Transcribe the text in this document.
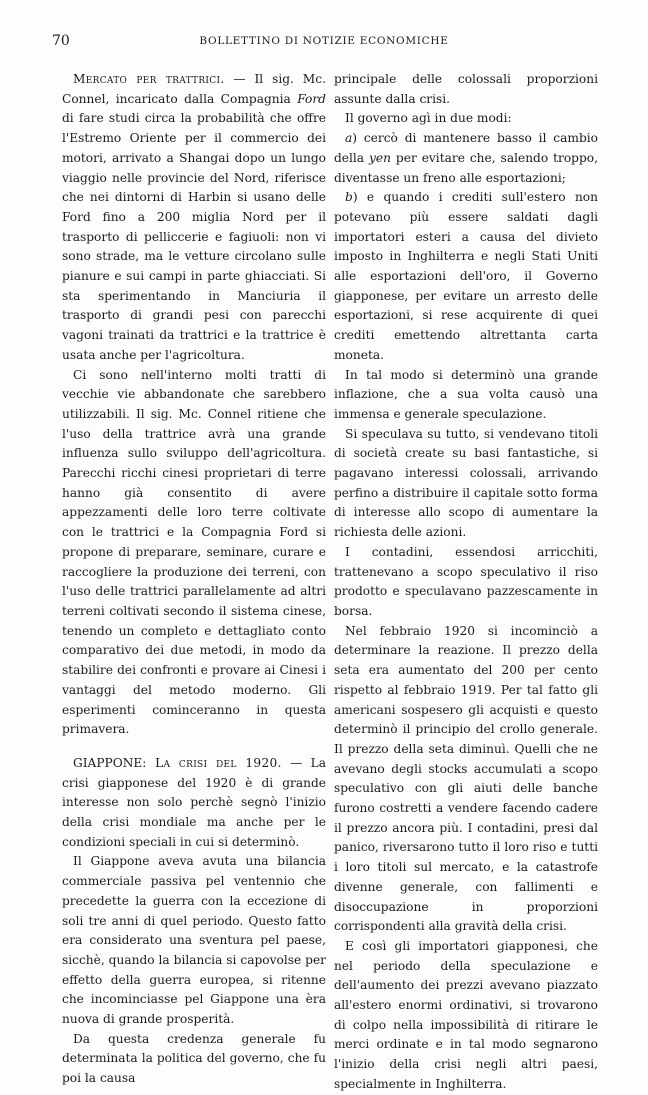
70	BOLLETTINO DI NOTIZIE ECONOMICHE

Mercato per trattrici. — Il sig. Mc. Connel, incaricato dalla Compagnia Ford di fare studi circa la probabilità che offre l'Estremo Oriente per il commercio dei motori, arrivato a Shangai dopo un lungo viaggio nelle provincie del Nord, riferisce che nei dintorni di Harbin si usano delle Ford fino a 200 miglia Nord per il trasporto di pelliccerie e fagiuoli: non vi sono strade, ma le vetture circolano sulle pianure e sui campi in parte ghiacciati. Si sta sperimentando in Manciuria il trasporto di grandi pesi con parecchi vagoni trainati da trattrici e la trattrice è usata anche per l'agricoltura.

Ci sono nell'interno molti tratti di vecchie vie abbandonate che sarebbero utilizzabili. Il sig. Mc. Connel ritiene che l'uso della trattrice avrà una grande influenza sullo sviluppo dell'agricoltura. Parecchi ricchi cinesi proprietari di terre hanno già consentito di avere appezzamenti delle loro terre coltivate con le trattrici e la Compagnia Ford si propone di preparare, seminare, curare e raccogliere la produzione dei terreni, con l'uso delle trattrici parallelamente ad altri terreni coltivati secondo il sistema cinese, tenendo un completo e dettagliato conto comparativo dei due metodi, in modo da stabilire dei confronti e provare ai Cinesi i vantaggi del metodo moderno. Gli esperimenti cominceranno in questa primavera.

GIAPPONE: La crisi del 1920. — La crisi giapponese del 1920 è di grande interesse non solo perchè segnò l'inizio della crisi mondiale ma anche per le condizioni speciali in cui si determinò.

Il Giappone aveva avuta una bilancia commerciale passiva pel ventennio che precedette la guerra con la eccezione di soli tre anni di quel periodo. Questo fatto era considerato una sventura pel paese, sicchè, quando la bilancia si capovolse per effetto della guerra europea, si ritenne che incominciasse pel Giappone una èra nuova di grande prosperità.

Da questa credenza generale fu determinata la politica del governo, che fu poi la causa

principale delle colossali proporzioni assunte dalla crisi.

Il governo agì in due modi:

a) cercò di mantenere basso il cambio della yen per evitare che, salendo troppo, diventasse un freno alle esportazioni;

b) e quando i crediti sull'estero non potevano più essere saldati dagli importatori esteri a causa del divieto imposto in Inghilterra e negli Stati Uniti alle esportazioni dell'oro, il Governo giapponese, per evitare un arresto delle esportazioni, si rese acquirente di quei crediti emettendo altrettanta carta moneta.

In tal modo si determinò una grande inflazione, che a sua volta causò una immensa e generale speculazione.

Si speculava su tutto, si vendevano titoli di società create su basi fantastiche, si pagavano interessi colossali, arrivando perfino a distribuire il capitale sotto forma di interesse allo scopo di aumentare la richiesta delle azioni.

I contadini, essendosi arricchiti, trattenevano a scopo speculativo il riso prodotto e speculavano pazzescamente in borsa.

Nel febbraio 1920 si incominciò a determinare la reazione. Il prezzo della seta era aumentato del 200 per cento rispetto al febbraio 1919. Per tal fatto gli americani sospesero gli acquisti e questo determinò il principio del crollo generale. Il prezzo della seta diminuì. Quelli che ne avevano degli stocks accumulati a scopo speculativo con gli aiuti delle banche furono costretti a vendere facendo cadere il prezzo ancora più. I contadini, presi dal panico, riversarono tutto il loro riso e tutti i loro titoli sul mercato, e la catastrofe divenne generale, con fallimenti e disoccupazione in proporzioni corrispondenti alla gravità della crisi.

E così gli importatori giapponesi, che nel periodo della speculazione e dell'aumento dei prezzi avevano piazzato all'estero enormi ordinativi, si trovarono di colpo nella impossibilità di ritirare le merci ordinate e in tal modo segnarono l'inizio della crisi negli altri paesi, specialmente in Inghilterra.
